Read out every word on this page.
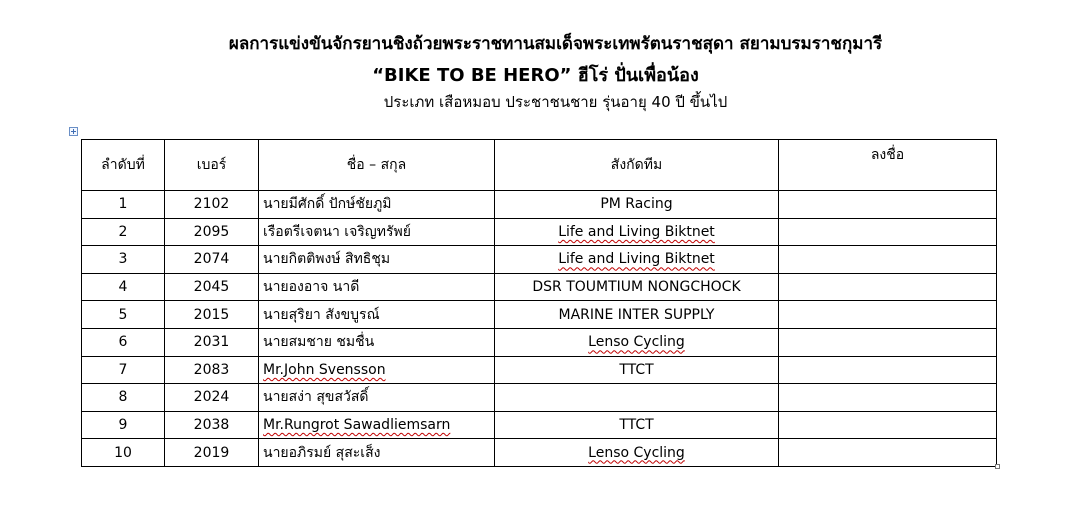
ผลการแข่งขันจักรยานชิงถ้วยพระราชทานสมเด็จพระเทพรัตนราชสุดา สยามบรมราชกุมารี
“BIKE TO BE HERO” ฮีโร่ ปั่นเพื่อน้อง
ประเภท เสือหมอบ ประชาชนชาย รุ่นอายุ 40 ปี ขึ้นไป
ลำดับที่	เบอร์	ชื่อ – สกุล	สังกัดทีม	ลงชื่อ
1	2102	นายมีศักดิ์ ปักษ์ชัยภูมิ	PM Racing	
2	2095	เรือตรีเจตนา เจริญทรัพย์	Life and Living Biktnet	
3	2074	นายกิตติพงษ์ สิทธิชุม	Life and Living Biktnet	
4	2045	นายองอาจ นาดี	DSR TOUMTIUM NONGCHOCK	
5	2015	นายสุริยา สังขบูรณ์	MARINE INTER SUPPLY	
6	2031	นายสมชาย ชมชื่น	Lenso Cycling	
7	2083	Mr.John Svensson	TTCT	
8	2024	นายสง่า สุขสวัสดิ์		
9	2038	Mr.Rungrot Sawadliemsarn	TTCT	
10	2019	นายอภิรมย์ สุสะเส็ง	Lenso Cycling	
